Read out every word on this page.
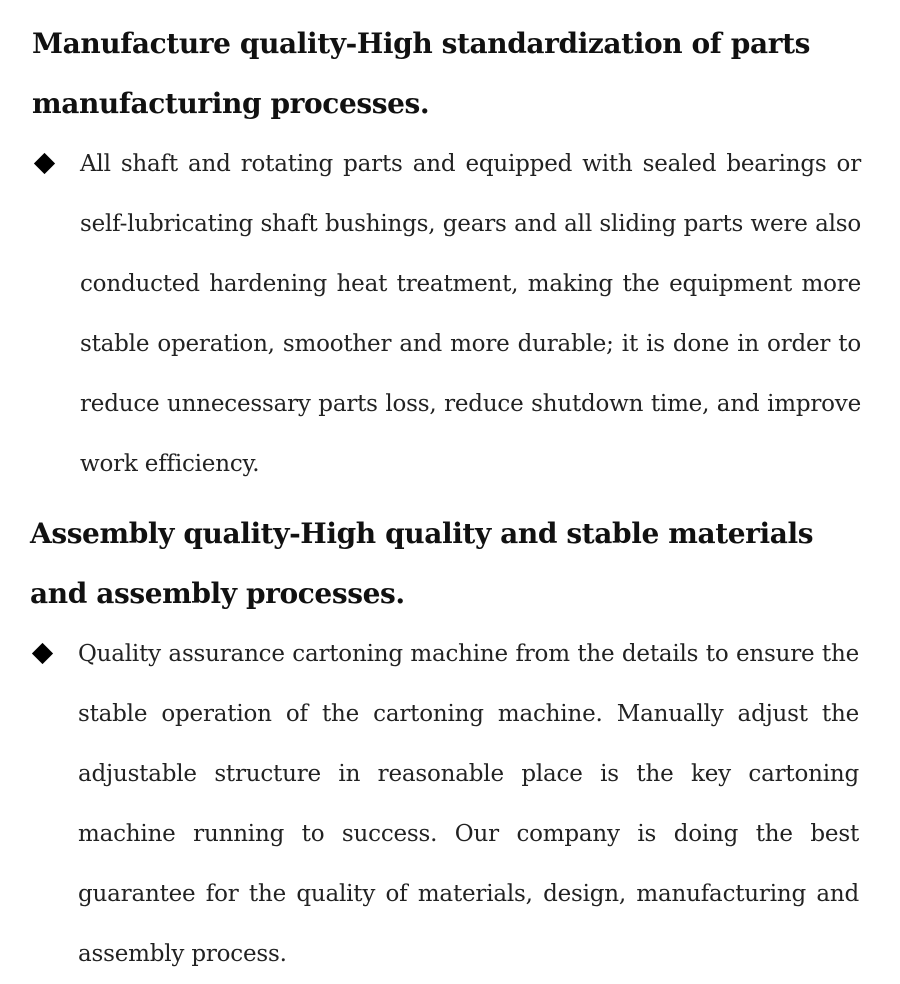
Manufacture quality-High standardization of parts manufacturing processes.

All shaft and rotating parts and equipped with sealed bearings or self-lubricating shaft bushings, gears and all sliding parts were also conducted hardening heat treatment, making the equipment more stable operation, smoother and more durable; it is done in order to reduce unnecessary parts loss, reduce shutdown time, and improve work efficiency.

Assembly quality-High quality and stable materials and assembly processes.

Quality assurance cartoning machine from the details to ensure the stable operation of the cartoning machine. Manually adjust the adjustable structure in reasonable place is the key cartoning machine running to success. Our company is doing the best guarantee for the quality of materials, design, manufacturing and assembly process.
